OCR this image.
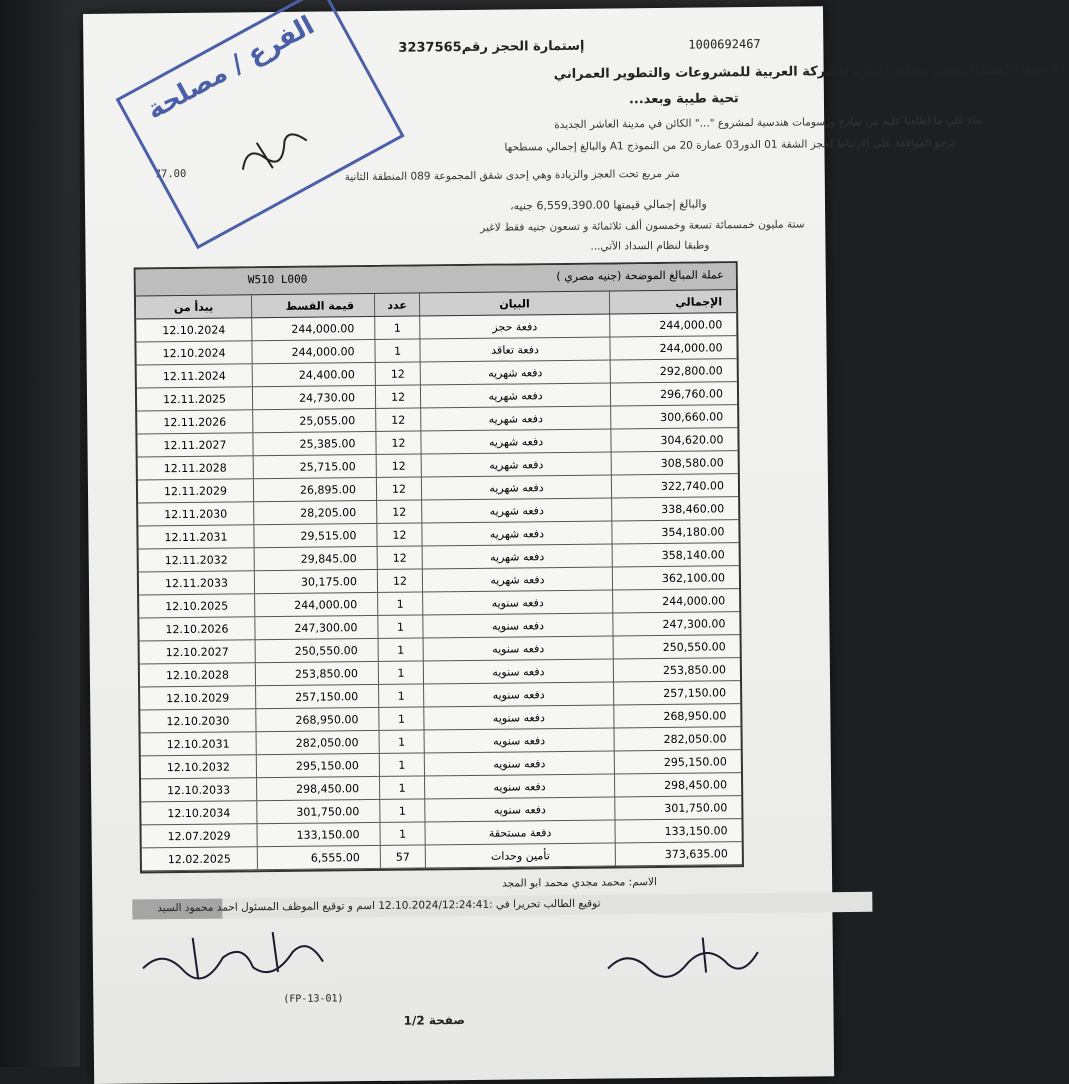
1000692467
إستمارة الحجز رقم3237565
السيد الأستاذ/رئيس مجلس إدارة الشركة العربية للمشروعات والتطوير العمراني
تحية طيبة وبعد...
بناء علي ما اطلعنا عليه من نماذج ورسومات هندسية لمشروع "..." الكائن في مدينة العاشر الجديدة
نرجو الموافقة علي الارتباط لحجز الشقة 01 الدور03 عمارة 20 من النموذج A1 والبالغ إجمالي مسطحها
77.00	متر مربع تحت العجز والزيادة وهي إحدى شقق المجموعة 089 المنطقة الثانية
والبالغ إجمالي قيمتها 6,559,390.00 جنيه،
ستة مليون خمسمائة تسعة وخمسون ألف ثلاثمائة و تسعون جنيه فقط لاغير
وطبقا لنظام السداد الآتي...
الفرع / مصلحة
W510 L000	عملة المبالغ الموضحة (جنيه مصري )
يبدأ من	قيمة القسط	عدد	البيان	الإجمالي
12.10.2024	244,000.00	1	دفعة حجز	244,000.00
12.10.2024	244,000.00	1	دفعة تعاقد	244,000.00
12.11.2024	24,400.00	12	دفعه شهريه	292,800.00
12.11.2025	24,730.00	12	دفعه شهريه	296,760.00
12.11.2026	25,055.00	12	دفعه شهريه	300,660.00
12.11.2027	25,385.00	12	دفعه شهريه	304,620.00
12.11.2028	25,715.00	12	دفعه شهريه	308,580.00
12.11.2029	26,895.00	12	دفعه شهريه	322,740.00
12.11.2030	28,205.00	12	دفعه شهريه	338,460.00
12.11.2031	29,515.00	12	دفعه شهريه	354,180.00
12.11.2032	29,845.00	12	دفعه شهريه	358,140.00
12.11.2033	30,175.00	12	دفعه شهريه	362,100.00
12.10.2025	244,000.00	1	دفعه سنويه	244,000.00
12.10.2026	247,300.00	1	دفعه سنويه	247,300.00
12.10.2027	250,550.00	1	دفعه سنويه	250,550.00
12.10.2028	253,850.00	1	دفعه سنويه	253,850.00
12.10.2029	257,150.00	1	دفعه سنويه	257,150.00
12.10.2030	268,950.00	1	دفعه سنويه	268,950.00
12.10.2031	282,050.00	1	دفعه سنويه	282,050.00
12.10.2032	295,150.00	1	دفعه سنويه	295,150.00
12.10.2033	298,450.00	1	دفعه سنويه	298,450.00
12.10.2034	301,750.00	1	دفعه سنويه	301,750.00
12.07.2029	133,150.00	1	دفعة مستحقة	133,150.00
12.02.2025	6,555.00	57	تأمين وحدات	373,635.00
الاسم: محمد مجدي محمد ابو المجد
توقيع الطالب تحريرا في :12.10.2024/12:24:41 اسم و توقيع الموظف المسئول احمد محمود السيد
(FP-13-01)
صفحة 1/2
